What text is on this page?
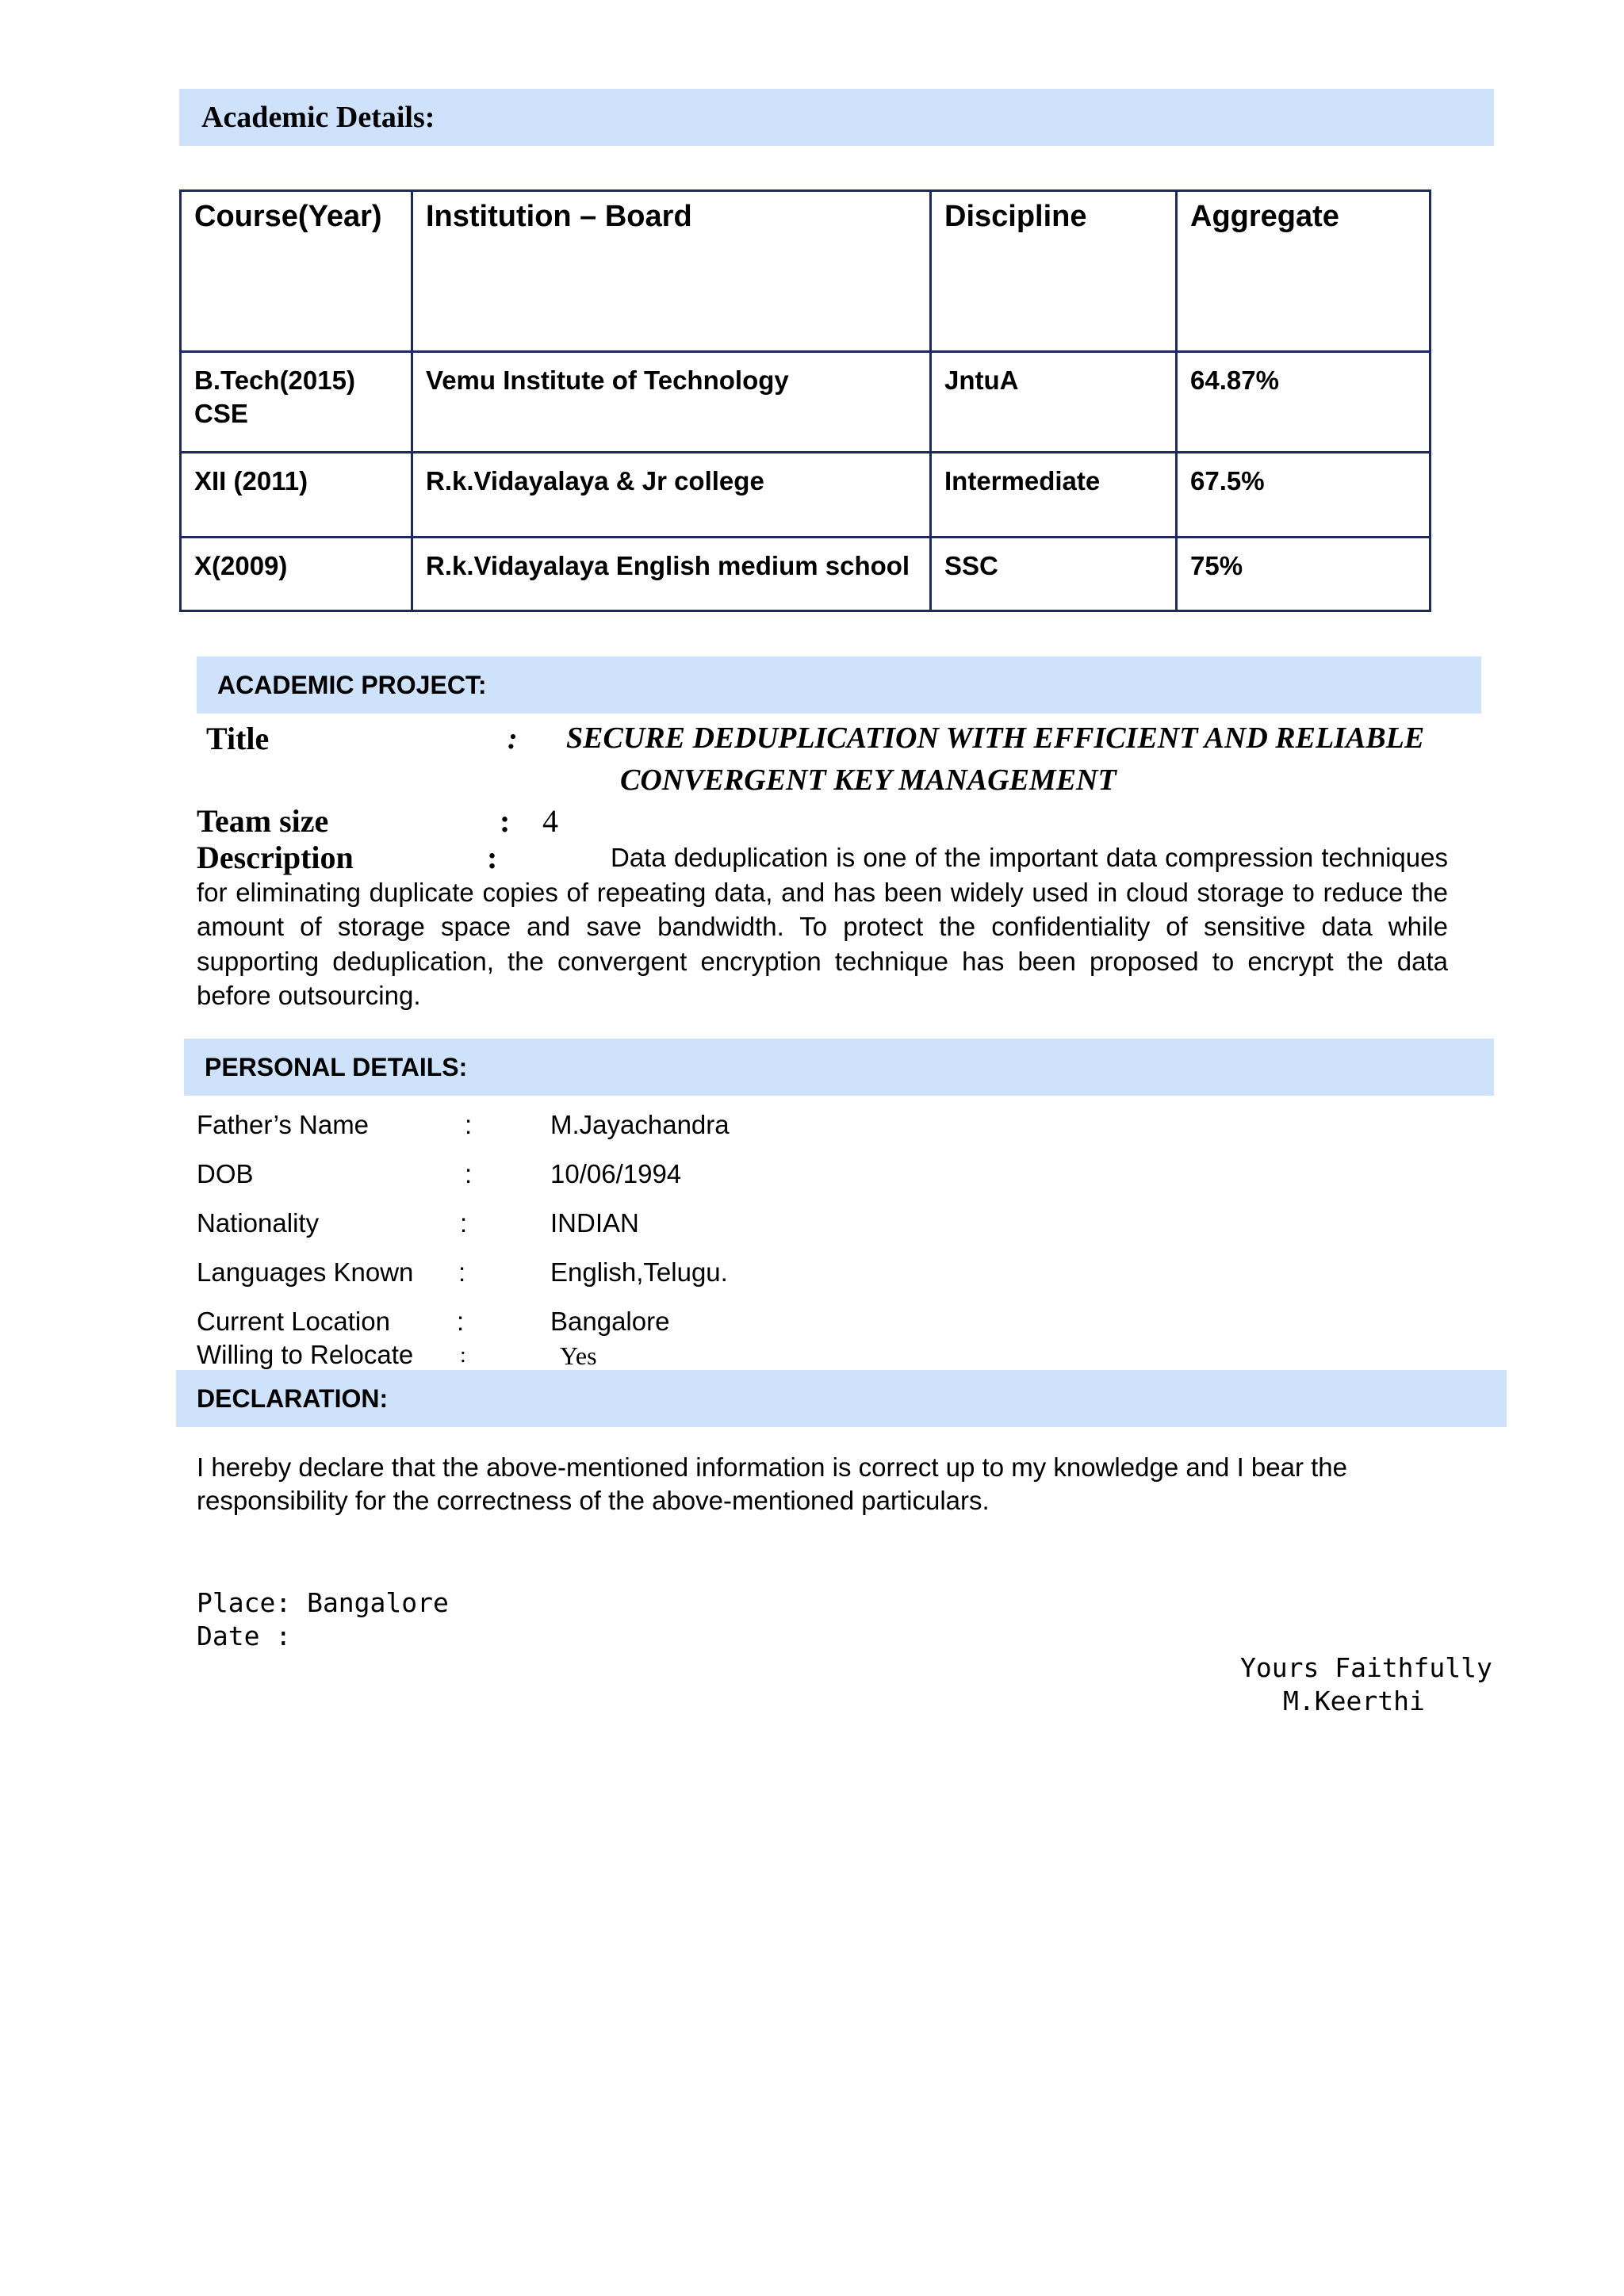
Academic Details:
Course(Year)	Institution – Board	Discipline	Aggregate
B.Tech(2015) CSE	Vemu Institute of Technology	JntuA	64.87%
XII (2011)	R.k.Vidayalaya & Jr college	Intermediate	67.5%
X(2009)	R.k.Vidayalaya English medium school	SSC	75%
ACADEMIC PROJECT:
Title	: SECURE DEDUPLICATION WITH EFFICIENT AND RELIABLE
CONVERGENT KEY MANAGEMENT
Team size	: 4
Description	:	Data deduplication is one of the important data compression techniques for eliminating duplicate copies of repeating data, and has been widely used in cloud storage to reduce the amount of storage space and save bandwidth. To protect the confidentiality of sensitive data while supporting deduplication, the convergent encryption technique has been proposed to encrypt the data before outsourcing.
PERSONAL DETAILS:
Father’s Name	:	M.Jayachandra
DOB	:	10/06/1994
Nationality	:	INDIAN
Languages Known :	English,Telugu.
Current Location	:	Bangalore
Willing to Relocate :	Yes
DECLARATION:
I hereby declare that the above-mentioned information is correct up to my knowledge and I bear the responsibility for the correctness of the above-mentioned particulars.
Place: Bangalore
Date :
Yours Faithfully
M.Keerthi
